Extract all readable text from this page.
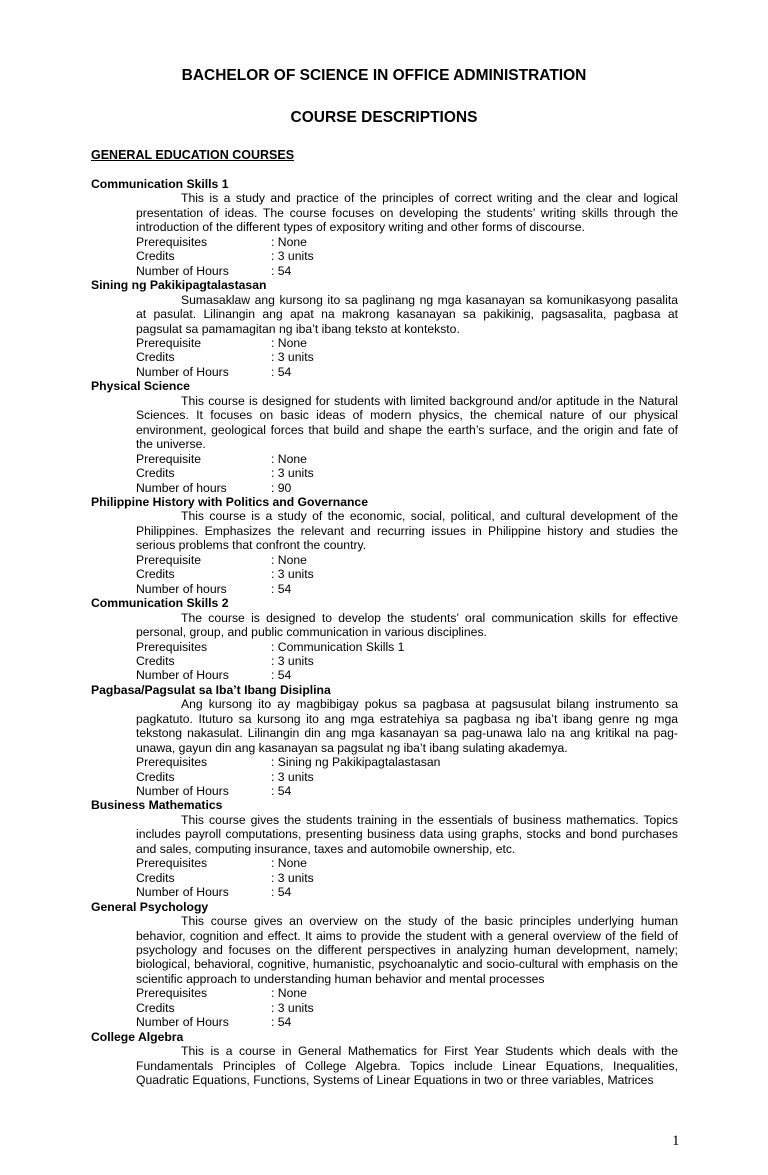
BACHELOR OF SCIENCE IN OFFICE ADMINISTRATION
COURSE DESCRIPTIONS
GENERAL EDUCATION COURSES
Communication Skills 1
This is a study and practice of the principles of correct writing and the clear and logical presentation of ideas. The course focuses on developing the students’ writing skills through the introduction of the different types of expository writing and other forms of discourse.
Prerequisites	: None
Credits	: 3 units
Number of Hours	: 54
Sining ng Pakikipagtalastasan
Sumasaklaw ang kursong ito sa paglinang ng mga kasanayan sa komunikasyong pasalita at pasulat. Lilinangin ang apat na makrong kasanayan sa pakikinig, pagsasalita, pagbasa at pagsulat sa pamamagitan ng iba’t ibang teksto at konteksto.
Prerequisite	: None
Credits	: 3 units
Number of Hours	: 54
Physical Science
This course is designed for students with limited background and/or aptitude in the Natural Sciences. It focuses on basic ideas of modern physics, the chemical nature of our physical environment, geological forces that build and shape the earth’s surface, and the origin and fate of the universe.
Prerequisite	: None
Credits	: 3 units
Number of hours	: 90
Philippine History with Politics and Governance
This course is a study of the economic, social, political, and cultural development of the Philippines. Emphasizes the relevant and recurring issues in Philippine history and studies the serious problems that confront the country.
Prerequisite	: None
Credits	: 3 units
Number of hours	: 54
Communication Skills 2
The course is designed to develop the students’ oral communication skills for effective personal, group, and public communication in various disciplines.
Prerequisites	: Communication Skills 1
Credits	: 3 units
Number of Hours	: 54
Pagbasa/Pagsulat sa Iba’t Ibang Disiplina
Ang kursong ito ay magbibigay pokus sa pagbasa at pagsusulat bilang instrumento sa pagkatuto. Ituturo sa kursong ito ang mga estratehiya sa pagbasa ng iba’t ibang genre ng mga tekstong nakasulat. Lilinangin din ang mga kasanayan sa pag-unawa lalo na ang kritikal na pag-unawa, gayun din ang kasanayan sa pagsulat ng iba’t ibang sulating akademya.
Prerequisites	: Sining ng Pakikipagtalastasan
Credits	: 3 units
Number of Hours	: 54
Business Mathematics
This course gives the students training in the essentials of business mathematics. Topics includes payroll computations, presenting business data using graphs, stocks and bond purchases and sales, computing insurance, taxes and automobile ownership, etc.
Prerequisites	: None
Credits	: 3 units
Number of Hours	: 54
General Psychology
This course gives an overview on the study of the basic principles underlying human behavior, cognition and effect. It aims to provide the student with a general overview of the field of psychology and focuses on the different perspectives in analyzing human development, namely; biological, behavioral, cognitive, humanistic, psychoanalytic and socio-cultural with emphasis on the scientific approach to understanding human behavior and mental processes
Prerequisites	: None
Credits	: 3 units
Number of Hours	: 54
College Algebra
This is a course in General Mathematics for First Year Students which deals with the Fundamentals Principles of College Algebra. Topics include Linear Equations, Inequalities, Quadratic Equations, Functions, Systems of Linear Equations in two or three variables, Matrices
1
